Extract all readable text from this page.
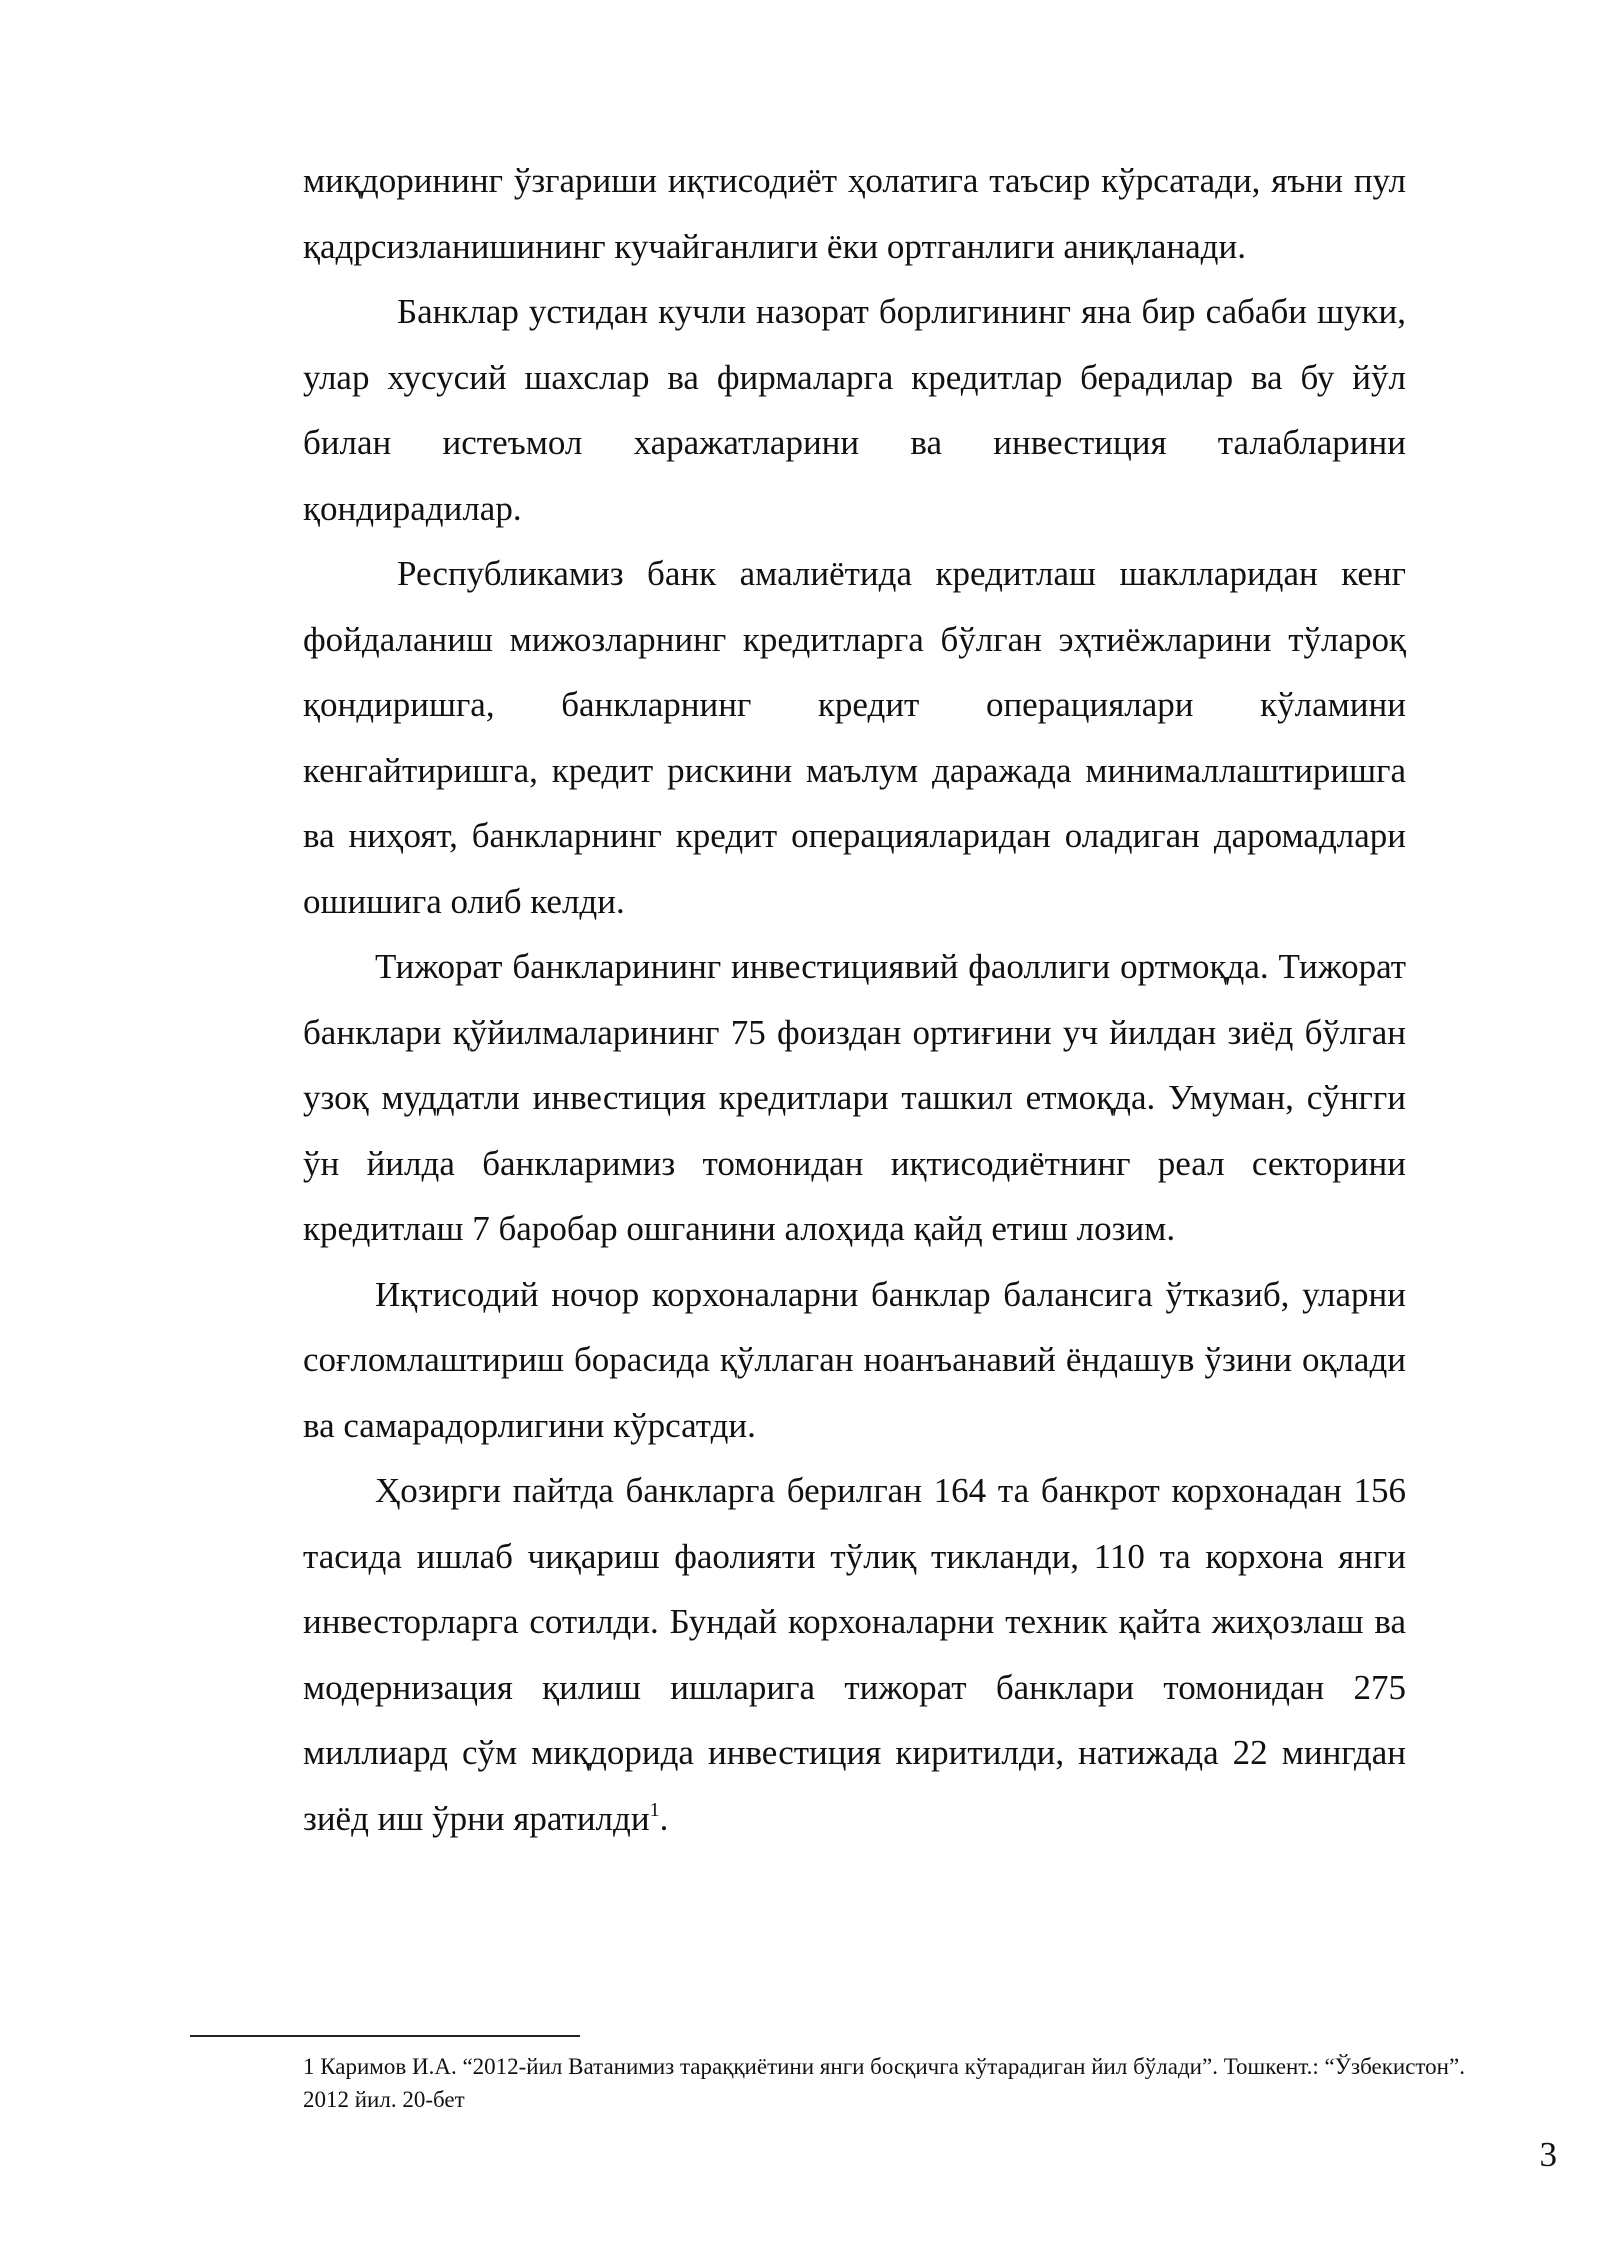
миқдорининг ўзгариши иқтисодиёт ҳолатига таъсир кўрсатади, яъни пул қадрсизланишининг кучайганлиги ёки ортганлиги аниқланади.

Банклар устидан кучли назорат борлигининг яна бир сабаби шуки, улар хусусий шахслар ва фирмаларга кредитлар берадилар ва бу йўл билан истеъмол харажатларини ва инвестиция талабларини қондирадилар.

Республикамиз банк амалиётида кредитлаш шаклларидан кенг фойдаланиш мижозларнинг кредитларга бўлган эҳтиёжларини тўлароқ қондиришга, банкларнинг кредит операциялари кўламини кенгайтиришга, кредит рискини маълум даражада минималлаштиришга ва ниҳоят, банкларнинг кредит операцияларидан оладиган даромадлари ошишига олиб келди.

Тижорат банкларининг инвестициявий фаоллиги ортмоқда. Тижорат банклари қўйилмаларининг 75 фоиздан ортиғини уч йилдан зиёд бўлган узоқ муддатли инвестиция кредитлари ташкил етмоқда. Умуман, сўнгги ўн йилда банкларимиз томонидан иқтисодиётнинг реал секторини кредитлаш 7 баробар ошганини алоҳида қайд етиш лозим.

Иқтисодий ночор корхоналарни банклар балансига ўтказиб, уларни соғломлаштириш борасида қўллаган ноанъанавий ёндашув ўзини оқлади ва самарадорлигини кўрсатди.

Ҳозирги пайтда банкларга берилган 164 та банкрот корхонадан 156 тасида ишлаб чиқариш фаолияти тўлиқ тикланди, 110 та корхона янги инвесторларга сотилди. Бундай корхоналарни техник қайта жиҳозлаш ва модернизация қилиш ишларига тижорат банклари томонидан 275 миллиард сўм миқдорида инвестиция киритилди, натижада 22 мингдан зиёд иш ўрни яратилди$^1$.

1 Каримов И.А. “2012-йил Ватанимиз тараққиётини янги босқичга кўтарадиган йил бўлади”. Тошкент.: “Ўзбекистон”. 2012 йил. 20-бет
3
